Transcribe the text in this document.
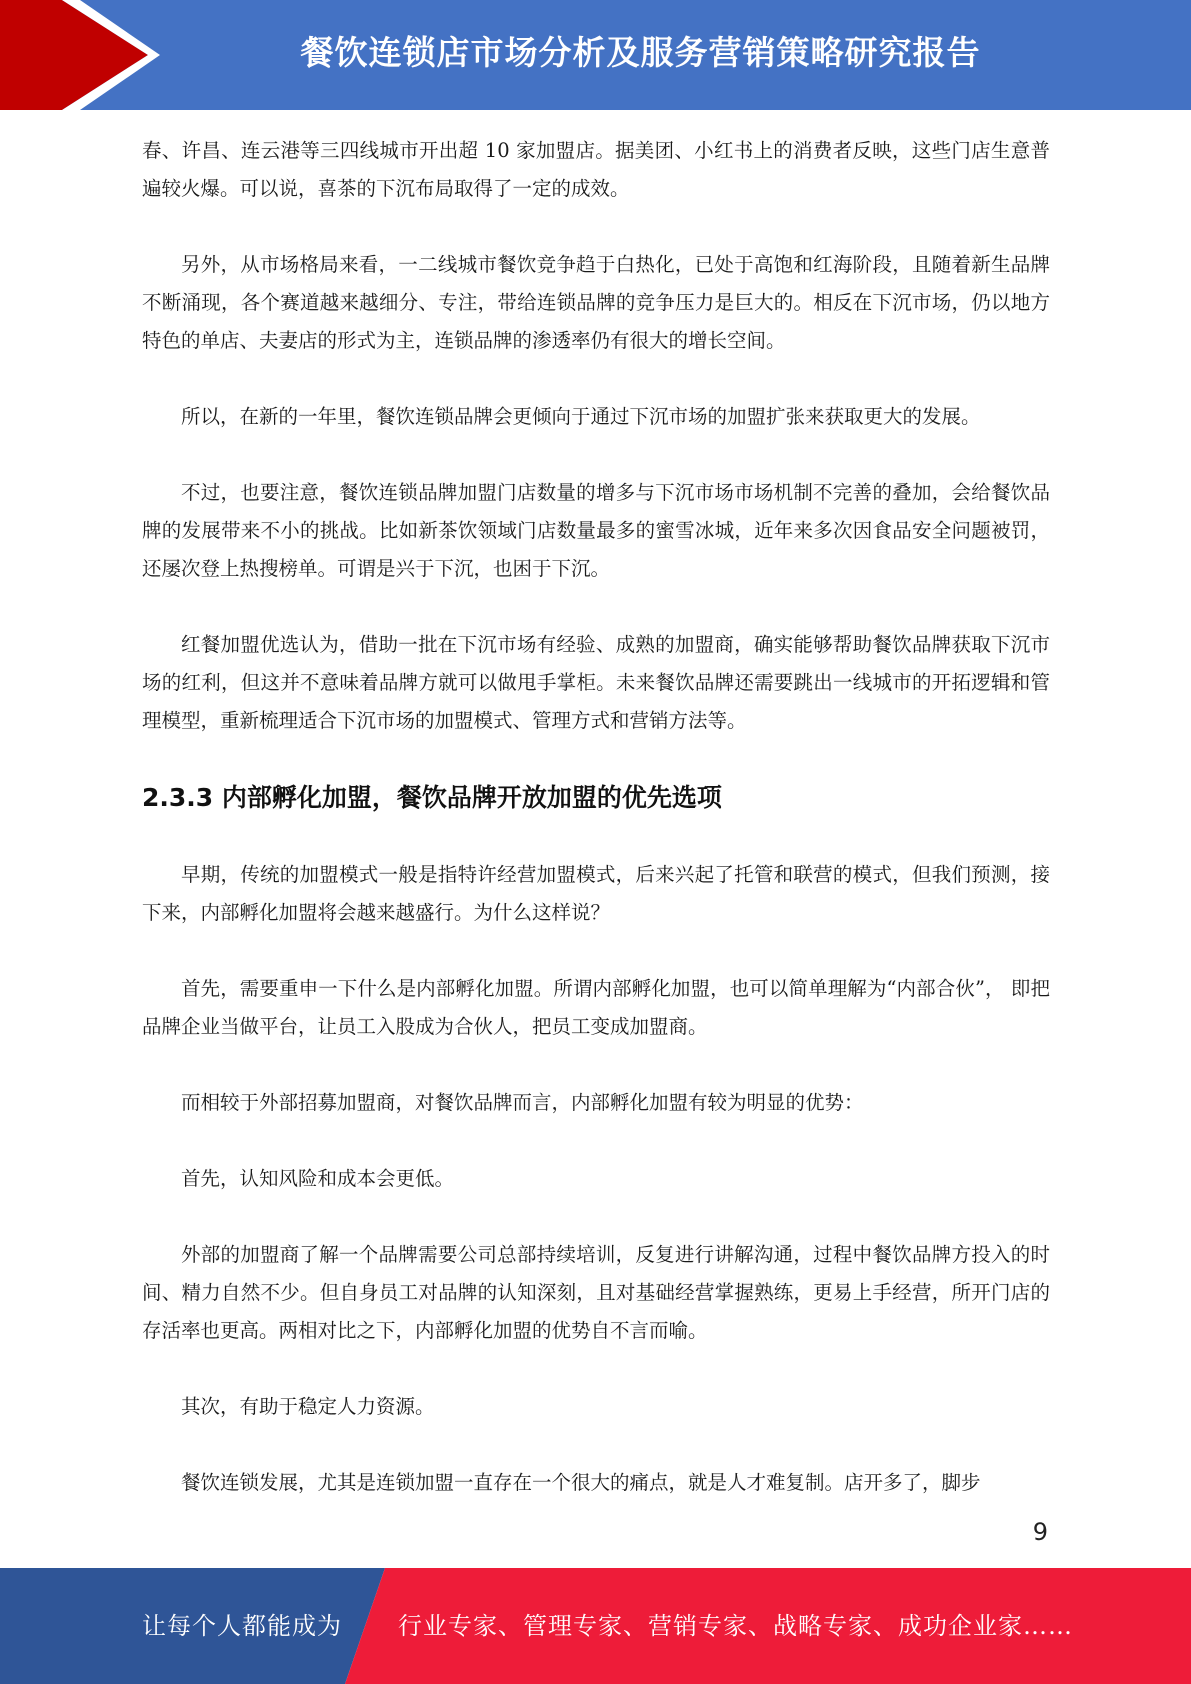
餐饮连锁店市场分析及服务营销策略研究报告

春、许昌、连云港等三四线城市开出超 10 家加盟店。据美团、小红书上的消费者反映，这些门店生意普遍较火爆。可以说，喜茶的下沉布局取得了一定的成效。

另外，从市场格局来看，一二线城市餐饮竞争趋于白热化，已处于高饱和红海阶段，且随着新生品牌不断涌现，各个赛道越来越细分、专注，带给连锁品牌的竞争压力是巨大的。相反在下沉市场，仍以地方特色的单店、夫妻店的形式为主，连锁品牌的渗透率仍有很大的增长空间。

所以，在新的一年里，餐饮连锁品牌会更倾向于通过下沉市场的加盟扩张来获取更大的发展。

不过，也要注意，餐饮连锁品牌加盟门店数量的增多与下沉市场市场机制不完善的叠加，会给餐饮品牌的发展带来不小的挑战。比如新茶饮领域门店数量最多的蜜雪冰城，近年来多次因食品安全问题被罚，还屡次登上热搜榜单。可谓是兴于下沉，也困于下沉。

红餐加盟优选认为，借助一批在下沉市场有经验、成熟的加盟商，确实能够帮助餐饮品牌获取下沉市场的红利，但这并不意味着品牌方就可以做甩手掌柜。未来餐饮品牌还需要跳出一线城市的开拓逻辑和管理模型，重新梳理适合下沉市场的加盟模式、管理方式和营销方法等。

2.3.3 内部孵化加盟，餐饮品牌开放加盟的优先选项

早期，传统的加盟模式一般是指特许经营加盟模式，后来兴起了托管和联营的模式，但我们预测，接下来，内部孵化加盟将会越来越盛行。为什么这样说？

首先，需要重申一下什么是内部孵化加盟。所谓内部孵化加盟，也可以简单理解为“内部合伙”， 即把品牌企业当做平台，让员工入股成为合伙人，把员工变成加盟商。

而相较于外部招募加盟商，对餐饮品牌而言，内部孵化加盟有较为明显的优势：

首先，认知风险和成本会更低。

外部的加盟商了解一个品牌需要公司总部持续培训，反复进行讲解沟通，过程中餐饮品牌方投入的时间、精力自然不少。但自身员工对品牌的认知深刻，且对基础经营掌握熟练，更易上手经营，所开门店的存活率也更高。两相对比之下，内部孵化加盟的优势自不言而喻。

其次，有助于稳定人力资源。

餐饮连锁发展，尤其是连锁加盟一直存在一个很大的痛点，就是人才难复制。店开多了，脚步

9
让每个人都能成为 行业专家、管理专家、营销专家、战略专家、成功企业家……
